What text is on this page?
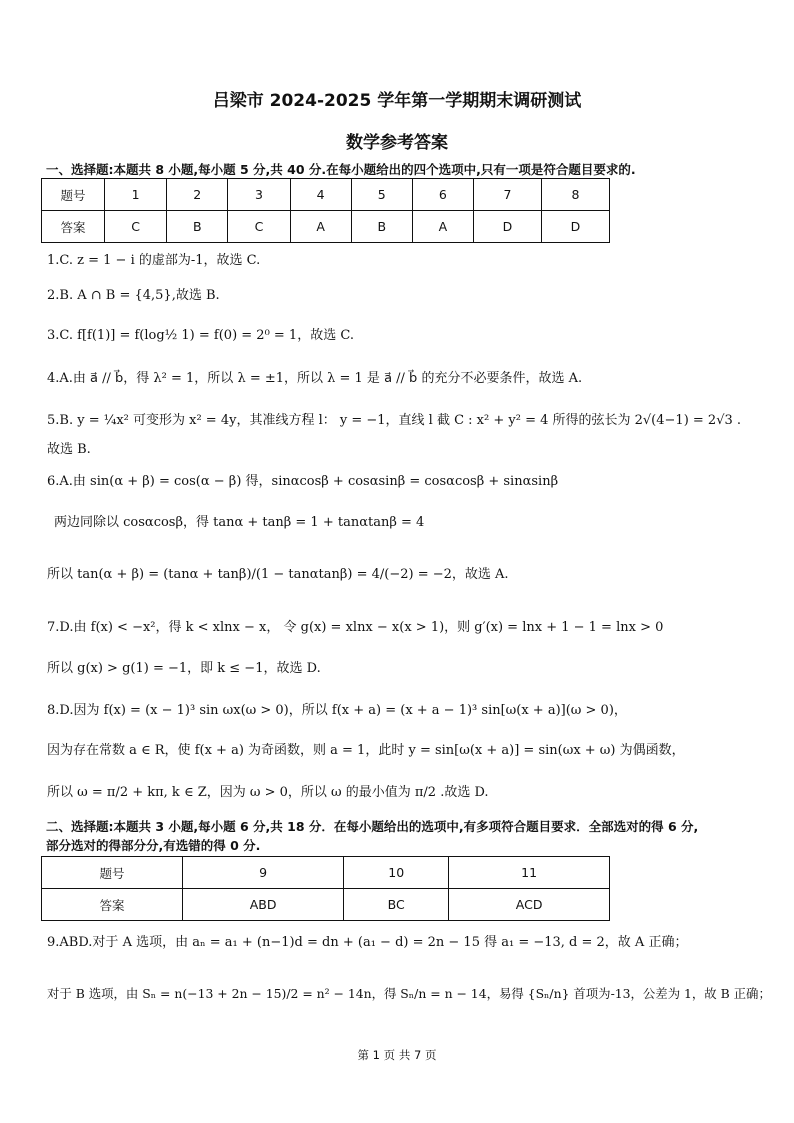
吕梁市 2024-2025 学年第一学期期末调研测试
数学参考答案
一、选择题:本题共 8 小题,每小题 5 分,共 40 分.在每小题给出的四个选项中,只有一项是符合题目要求的.
题号	1	2	3	4	5	6	7	8
答案	C	B	C	A	B	A	D	D
1.C. z = 1 − i 的虚部为-1，故选 C.
2.B. A ∩ B = {4,5},故选 B.
3.C. f[f(1)] = f(log½ 1) = f(0) = 2⁰ = 1，故选 C.
4.A.由 a⃗ // b⃗，得 λ² = 1，所以 λ = ±1，所以 λ = 1 是 a⃗ // b⃗ 的充分不必要条件，故选 A.
5.B. y = ¼x² 可变形为 x² = 4y，其准线方程 l： y = −1，直线 l 截 C : x² + y² = 4 所得的弦长为 2√(4−1) = 2√3 .
故选 B.
6.A.由 sin(α + β) = cos(α − β) 得，sinαcosβ + cosαsinβ = cosαcosβ + sinαsinβ
两边同除以 cosαcosβ，得 tanα + tanβ = 1 + tanαtanβ = 4
所以 tan(α + β) = (tanα + tanβ)/(1 − tanαtanβ) = 4/(−2) = −2，故选 A.
7.D.由 f(x) < −x²，得 k < xlnx − x， 令 g(x) = xlnx − x(x > 1)，则 g′(x) = lnx + 1 − 1 = lnx > 0
所以 g(x) > g(1) = −1，即 k ≤ −1，故选 D.
8.D.因为 f(x) = (x − 1)³ sin ωx(ω > 0)，所以 f(x + a) = (x + a − 1)³ sin[ω(x + a)](ω > 0)，
因为存在常数 a ∈ R，使 f(x + a) 为奇函数，则 a = 1，此时 y = sin[ω(x + a)] = sin(ωx + ω) 为偶函数，
所以 ω = π/2 + kπ, k ∈ Z，因为 ω > 0，所以 ω 的最小值为 π/2 .故选 D.
二、选择题:本题共 3 小题,每小题 6 分,共 18 分．在每小题给出的选项中,有多项符合题目要求．全部选对的得 6 分,
部分选对的得部分分,有选错的得 0 分.
题号	9	10	11
答案	ABD	BC	ACD
9.ABD.对于 A 选项，由 aₙ = a₁ + (n−1)d = dn + (a₁ − d) = 2n − 15 得 a₁ = −13, d = 2，故 A 正确；
对于 B 选项，由 Sₙ = n(−13 + 2n − 15)/2 = n² − 14n，得 Sₙ/n = n − 14，易得 {Sₙ/n} 首项为-13，公差为 1，故 B 正确；
第 1 页 共 7 页
